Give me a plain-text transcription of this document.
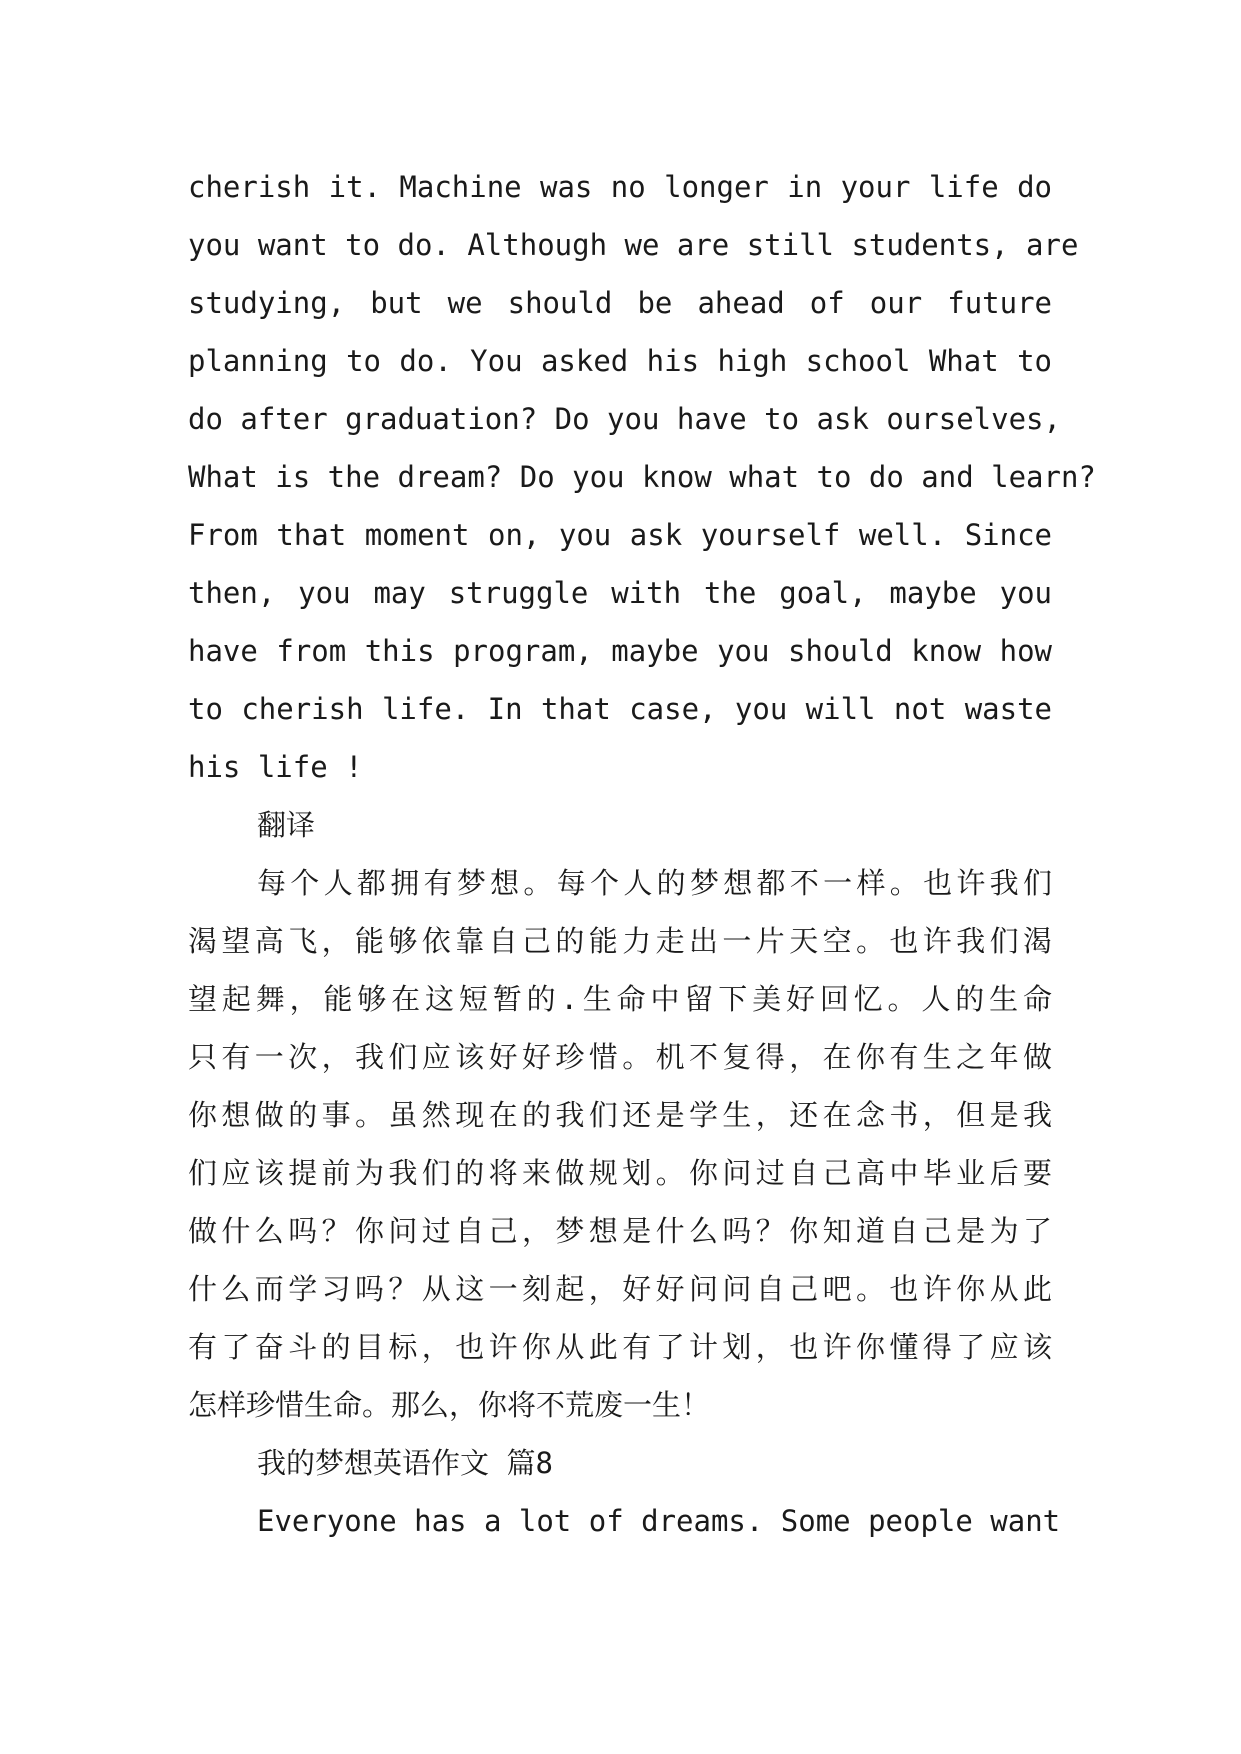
cherish it. Machine was no longer in your life do
you want to do. Although we are still students, are
studying, but we should be ahead of our future
planning to do. You asked his high school What to
do after graduation? Do you have to ask ourselves,
What is the dream? Do you know what to do and learn?
From that moment on, you ask yourself well. Since
then, you may struggle with the goal, maybe you
have from this program, maybe you should know how
to cherish life. In that case, you will not waste
his life !
翻译
每个人都拥有梦想。每个人的梦想都不一样。也许我们
渴望高飞，能够依靠自己的能力走出一片天空。也许我们渴
望起舞，能够在这短暂的.生命中留下美好回忆。人的生命
只有一次，我们应该好好珍惜。机不复得，在你有生之年做
你想做的事。虽然现在的我们还是学生，还在念书，但是我
们应该提前为我们的将来做规划。你问过自己高中毕业后要
做什么吗？你问过自己，梦想是什么吗？你知道自己是为了
什么而学习吗？从这一刻起，好好问问自己吧。也许你从此
有了奋斗的目标，也许你从此有了计划，也许你懂得了应该
怎样珍惜生命。那么，你将不荒废一生！
我的梦想英语作文 篇8
Everyone has a lot of dreams. Some people want
